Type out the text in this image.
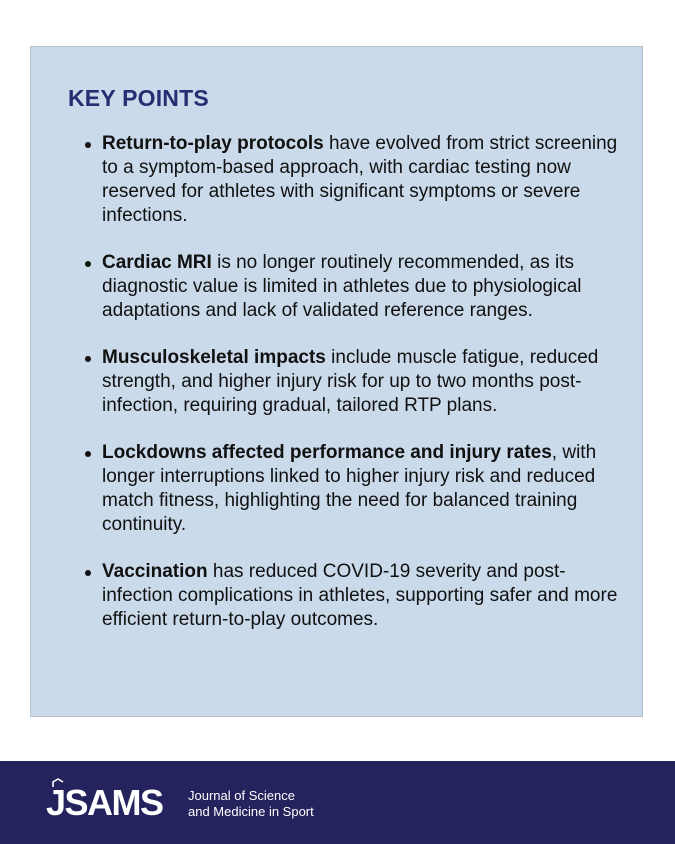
KEY POINTS
Return-to-play protocols have evolved from strict screening to a symptom-based approach, with cardiac testing now reserved for athletes with significant symptoms or severe infections.
Cardiac MRI is no longer routinely recommended, as its diagnostic value is limited in athletes due to physiological adaptations and lack of validated reference ranges.
Musculoskeletal impacts include muscle fatigue, reduced strength, and higher injury risk for up to two months post-infection, requiring gradual, tailored RTP plans.
Lockdowns affected performance and injury rates, with longer interruptions linked to higher injury risk and reduced match fitness, highlighting the need for balanced training continuity.
Vaccination has reduced COVID-19 severity and post-infection complications in athletes, supporting safer and more efficient return-to-play outcomes.
JSAMS Journal of Science
and Medicine in Sport
